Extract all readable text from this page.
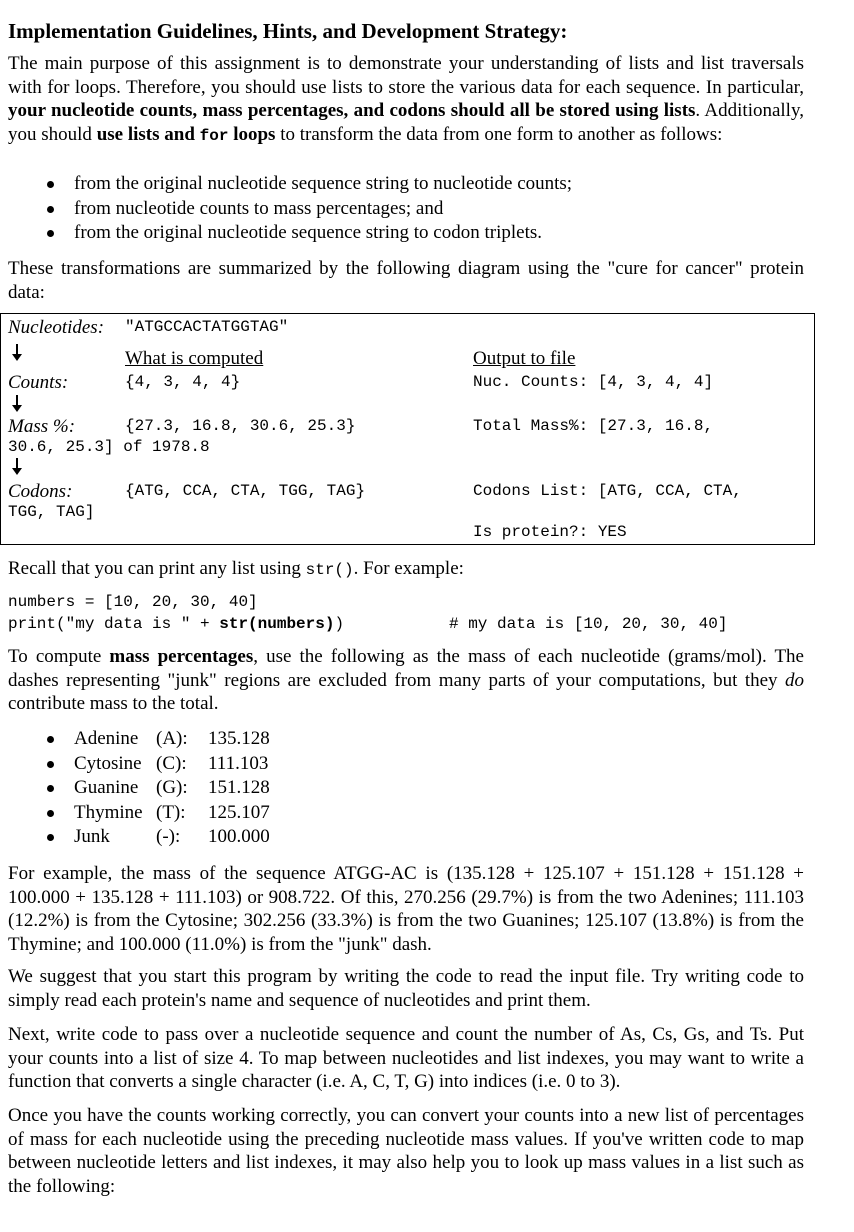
Implementation Guidelines, Hints, and Development Strategy:
The main purpose of this assignment is to demonstrate your understanding of lists and list traversals with for loops. Therefore, you should use lists to store the various data for each sequence. In particular, your nucleotide counts, mass percentages, and codons should all be stored using lists. Additionally, you should use lists and for loops to transform the data from one form to another as follows:
from the original nucleotide sequence string to nucleotide counts;
from nucleotide counts to mass percentages; and
from the original nucleotide sequence string to codon triplets.
These transformations are summarized by the following diagram using the "cure for cancer" protein data:
Nucleotides: "ATGCCACTATGGTAG"
What is computed	Output to file
Counts:	{4, 3, 4, 4}	Nuc. Counts: [4, 3, 4, 4]
Mass %:	{27.3, 16.8, 30.6, 25.3}	Total Mass%: [27.3, 16.8,
30.6, 25.3] of 1978.8
Codons:	{ATG, CCA, CTA, TGG, TAG}	Codons List: [ATG, CCA, CTA,
TGG, TAG]
Is protein?: YES
Recall that you can print any list using str(). For example:
numbers = [10, 20, 30, 40]
print("my data is " + str(numbers))	# my data is [10, 20, 30, 40]
To compute mass percentages, use the following as the mass of each nucleotide (grams/mol). The dashes representing "junk" regions are excluded from many parts of your computations, but they do contribute mass to the total.
Adenine (A): 135.128
Cytosine (C): 111.103
Guanine (G): 151.128
Thymine (T): 125.107
Junk (-): 100.000
For example, the mass of the sequence ATGG-AC is (135.128 + 125.107 + 151.128 + 151.128 + 100.000 + 135.128 + 111.103) or 908.722. Of this, 270.256 (29.7%) is from the two Adenines; 111.103 (12.2%) is from the Cytosine; 302.256 (33.3%) is from the two Guanines; 125.107 (13.8%) is from the Thymine; and 100.000 (11.0%) is from the "junk" dash.
We suggest that you start this program by writing the code to read the input file. Try writing code to simply read each protein's name and sequence of nucleotides and print them.
Next, write code to pass over a nucleotide sequence and count the number of As, Cs, Gs, and Ts. Put your counts into a list of size 4. To map between nucleotides and list indexes, you may want to write a function that converts a single character (i.e. A, C, T, G) into indices (i.e. 0 to 3).
Once you have the counts working correctly, you can convert your counts into a new list of percentages of mass for each nucleotide using the preceding nucleotide mass values. If you've written code to map between nucleotide letters and list indexes, it may also help you to look up mass values in a list such as the following:
